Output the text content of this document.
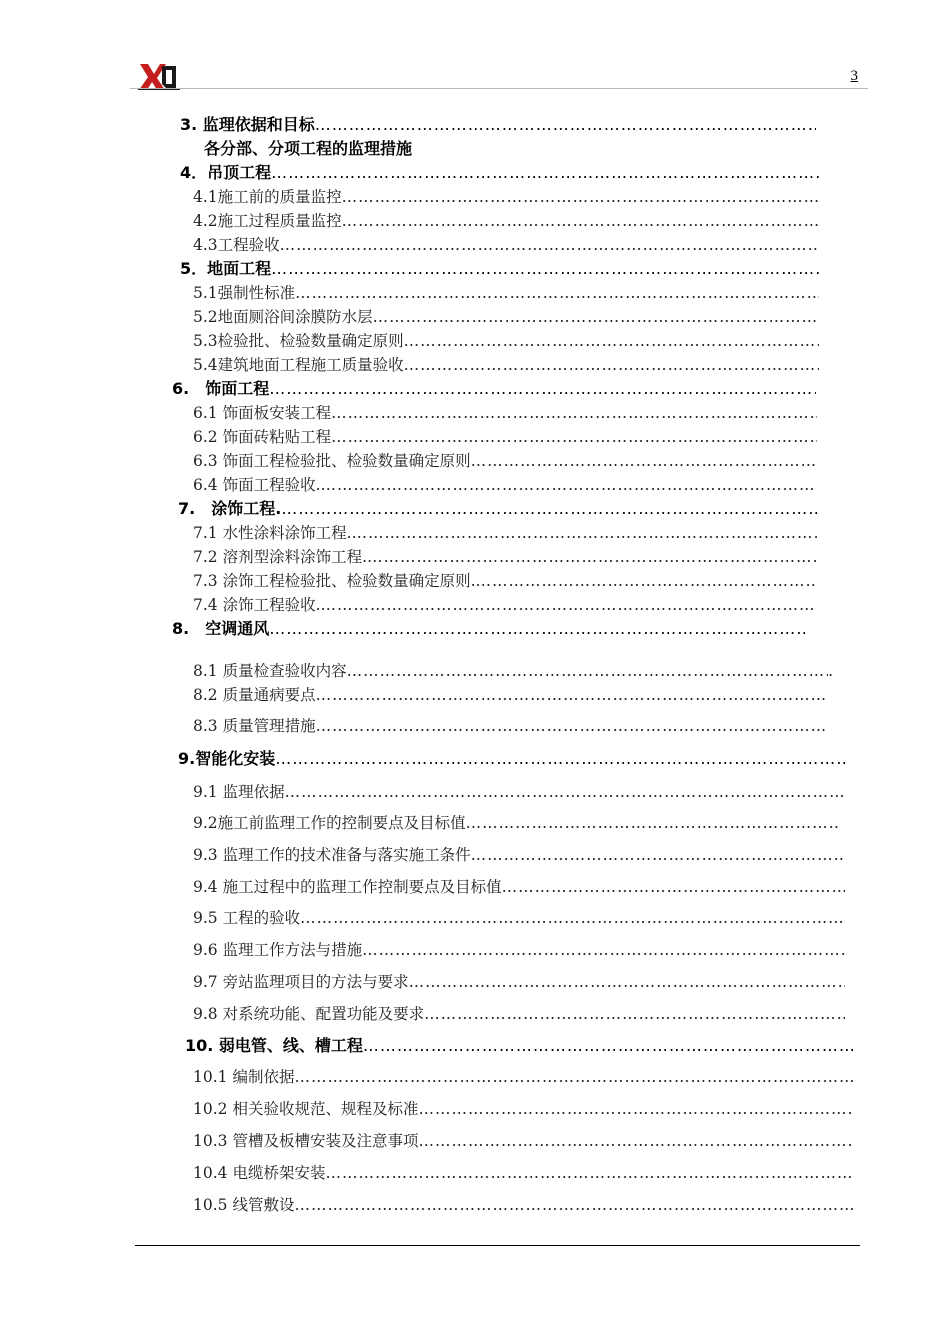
3
3. 监理依据和目标
…………………………………………………………………………………………………………………………………………………………
各分部、分项工程的监理措施
4．吊顶工程
…………………………………………………………………………………………………………………………………………………………
4.1施工前的质量监控
…………………………………………………………………………………………………………………………………………………………
4.2施工过程质量监控
…………………………………………………………………………………………………………………………………………………………
4.3工程验收
…………………………………………………………………………………………………………………………………………………………
5．地面工程
…………………………………………………………………………………………………………………………………………………………
5.1强制性标准
…………………………………………………………………………………………………………………………………………………………
5.2地面厕浴间涂膜防水层
…………………………………………………………………………………………………………………………………………………………
5.3检验批、检验数量确定原则
…………………………………………………………………………………………………………………………………………………………
5.4建筑地面工程施工质量验收
…………………………………………………………………………………………………………………………………………………………
6.　饰面工程
…………………………………………………………………………………………………………………………………………………………
6.1 饰面板安装工程
…………………………………………………………………………………………………………………………………………………………
6.2 饰面砖粘贴工程
…………………………………………………………………………………………………………………………………………………………
6.3 饰面工程检验批、检验数量确定原则
…………………………………………………………………………………………………………………………………………………………
6.4 饰面工程验收.
…………………………………………………………………………………………………………………………………………………………
7.　涂饰工程.
…………………………………………………………………………………………………………………………………………………………
7.1 水性涂料涂饰工程.
…………………………………………………………………………………………………………………………………………………………
7.2 溶剂型涂料涂饰工程.
…………………………………………………………………………………………………………………………………………………………
7.3 涂饰工程检验批、检验数量确定原则.
…………………………………………………………………………………………………………………………………………………………
7.4 涂饰工程验收.
…………………………………………………………………………………………………………………………………………………………
8.　空调通风
…………………………………………………………………………………………………………………………………………………………
8.1 质量检查验收内容
…………………………………………………………………………………………………………………………………………………………	.
8.2 质量通病要点
…………………………………………………………………………………………………………………………………………………………
8.3 质量管理措施
…………………………………………………………………………………………………………………………………………………………
9.智能化安装
…………………………………………………………………………………………………………………………………………………………
9.1 监理依据
…………………………………………………………………………………………………………………………………………………………
9.2施工前监理工作的控制要点及目标值
…………………………………………………………………………………………………………………………………………………………
9.3 监理工作的技术准备与落实施工条件
…………………………………………………………………………………………………………………………………………………………
9.4 施工过程中的监理工作控制要点及目标值
…………………………………………………………………………………………………………………………………………………………
9.5 工程的验收
…………………………………………………………………………………………………………………………………………………………
9.6 监理工作方法与措施
…………………………………………………………………………………………………………………………………………………………
9.7 旁站监理项目的方法与要求
…………………………………………………………………………………………………………………………………………………………
9.8 对系统功能、配置功能及要求
…………………………………………………………………………………………………………………………………………………………
10. 弱电管、线、槽工程
…………………………………………………………………………………………………………………………………………………………
10.1 编制依据
…………………………………………………………………………………………………………………………………………………………
10.2 相关验收规范、规程及标准
…………………………………………………………………………………………………………………………………………………………
10.3 管槽及板槽安装及注意事项
…………………………………………………………………………………………………………………………………………………………
10.4 电缆桥架安装
…………………………………………………………………………………………………………………………………………………………
10.5 线管敷设
…………………………………………………………………………………………………………………………………………………………
